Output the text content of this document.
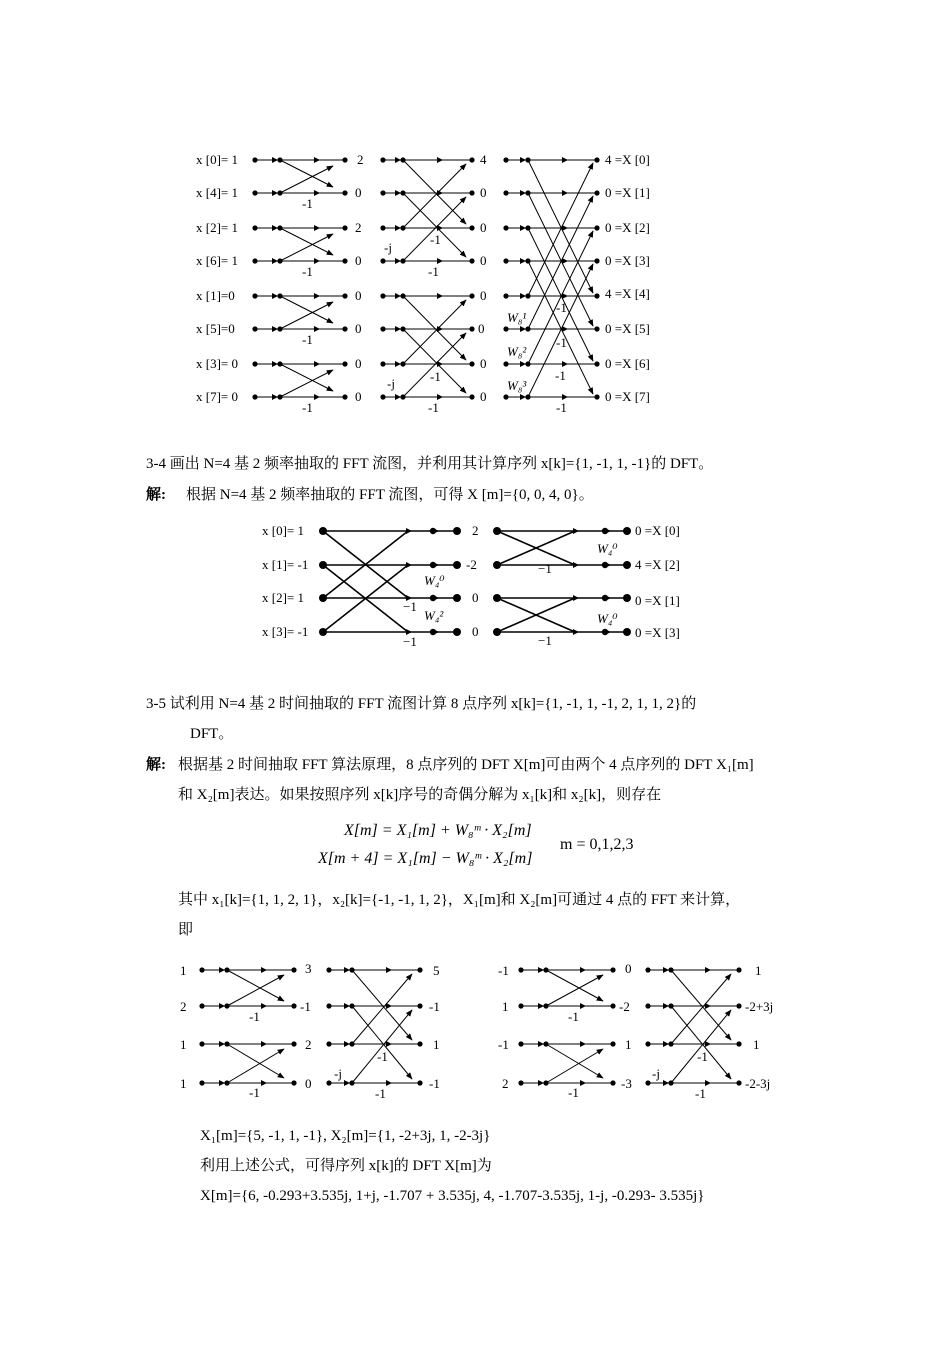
x [0]= 1
x [4]= 1
x [2]= 1
x [6]= 1
x [1]=0
x [5]=0
x [3]= 0
x [7]= 0
2
0
2
0
0
0
0
0
4
0
0
0
0
0
0
0
4 =X [0]
0 =X [1]
0 =X [2]
0 =X [3]
4 =X [4]
0 =X [5]
0 =X [6]
0 =X [7]
-1
-1
-1
-1
-j
-1
-1
-j	-1
-1
-1
-1
-1
-1
W₈¹
W₈²
W₈³
3-4 画出 N=4 基 2 频率抽取的 FFT 流图，并利用其计算序列 x[k]={1, -1, 1, -1}的 DFT。
解: 根据 N=4 基 2 频率抽取的 FFT 流图，可得 X [m]={0, 0, 4, 0}。
x [0]= 1
x [1]= -1
x [2]= 1
x [3]= -1
2
-2
0
0
0 =X [0]
4 =X [2]
0 =X [1]
0 =X [3]
−1
−1
−1
−1
W₄⁰
W₄²
W₄⁰
W₄⁰
3-5 试利用 N=4 基 2 时间抽取的 FFT 流图计算 8 点序列 x[k]={1, -1, 1, -1, 2, 1, 1, 2}的
DFT。
解: 根据基 2 时间抽取 FFT 算法原理，8 点序列的 DFT X[m]可由两个 4 点序列的 DFT X₁[m]
和 X₂[m]表达。如果按照序列 x[k]序号的奇偶分解为 x₁[k]和 x₂[k]，则存在
X[m] = X₁[m] + W₈ᵐ · X₂[m]
X[m + 4] = X₁[m] − W₈ᵐ · X₂[m]
m = 0,1,2,3
其中 x₁[k]={1, 1, 2, 1}，x₂[k]={-1, -1, 1, 2}，X₁[m]和 X₂[m]可通过 4 点的 FFT 来计算，
即
1
2
1
1
3
-1
2
0
5
-1
1
-1
-1
-1
-1
-1
-j
-1
1
-1
2
0
-2
1
-3
1
-2+3j
1
-2-3j
-1
-1
-1
-1
-j
X₁[m]={5, -1, 1, -1}, X₂[m]={1, -2+3j, 1, -2-3j}
利用上述公式，可得序列 x[k]的 DFT X[m]为
X[m]={6, -0.293+3.535j, 1+j, -1.707 + 3.535j, 4, -1.707-3.535j, 1-j, -0.293- 3.535j}
